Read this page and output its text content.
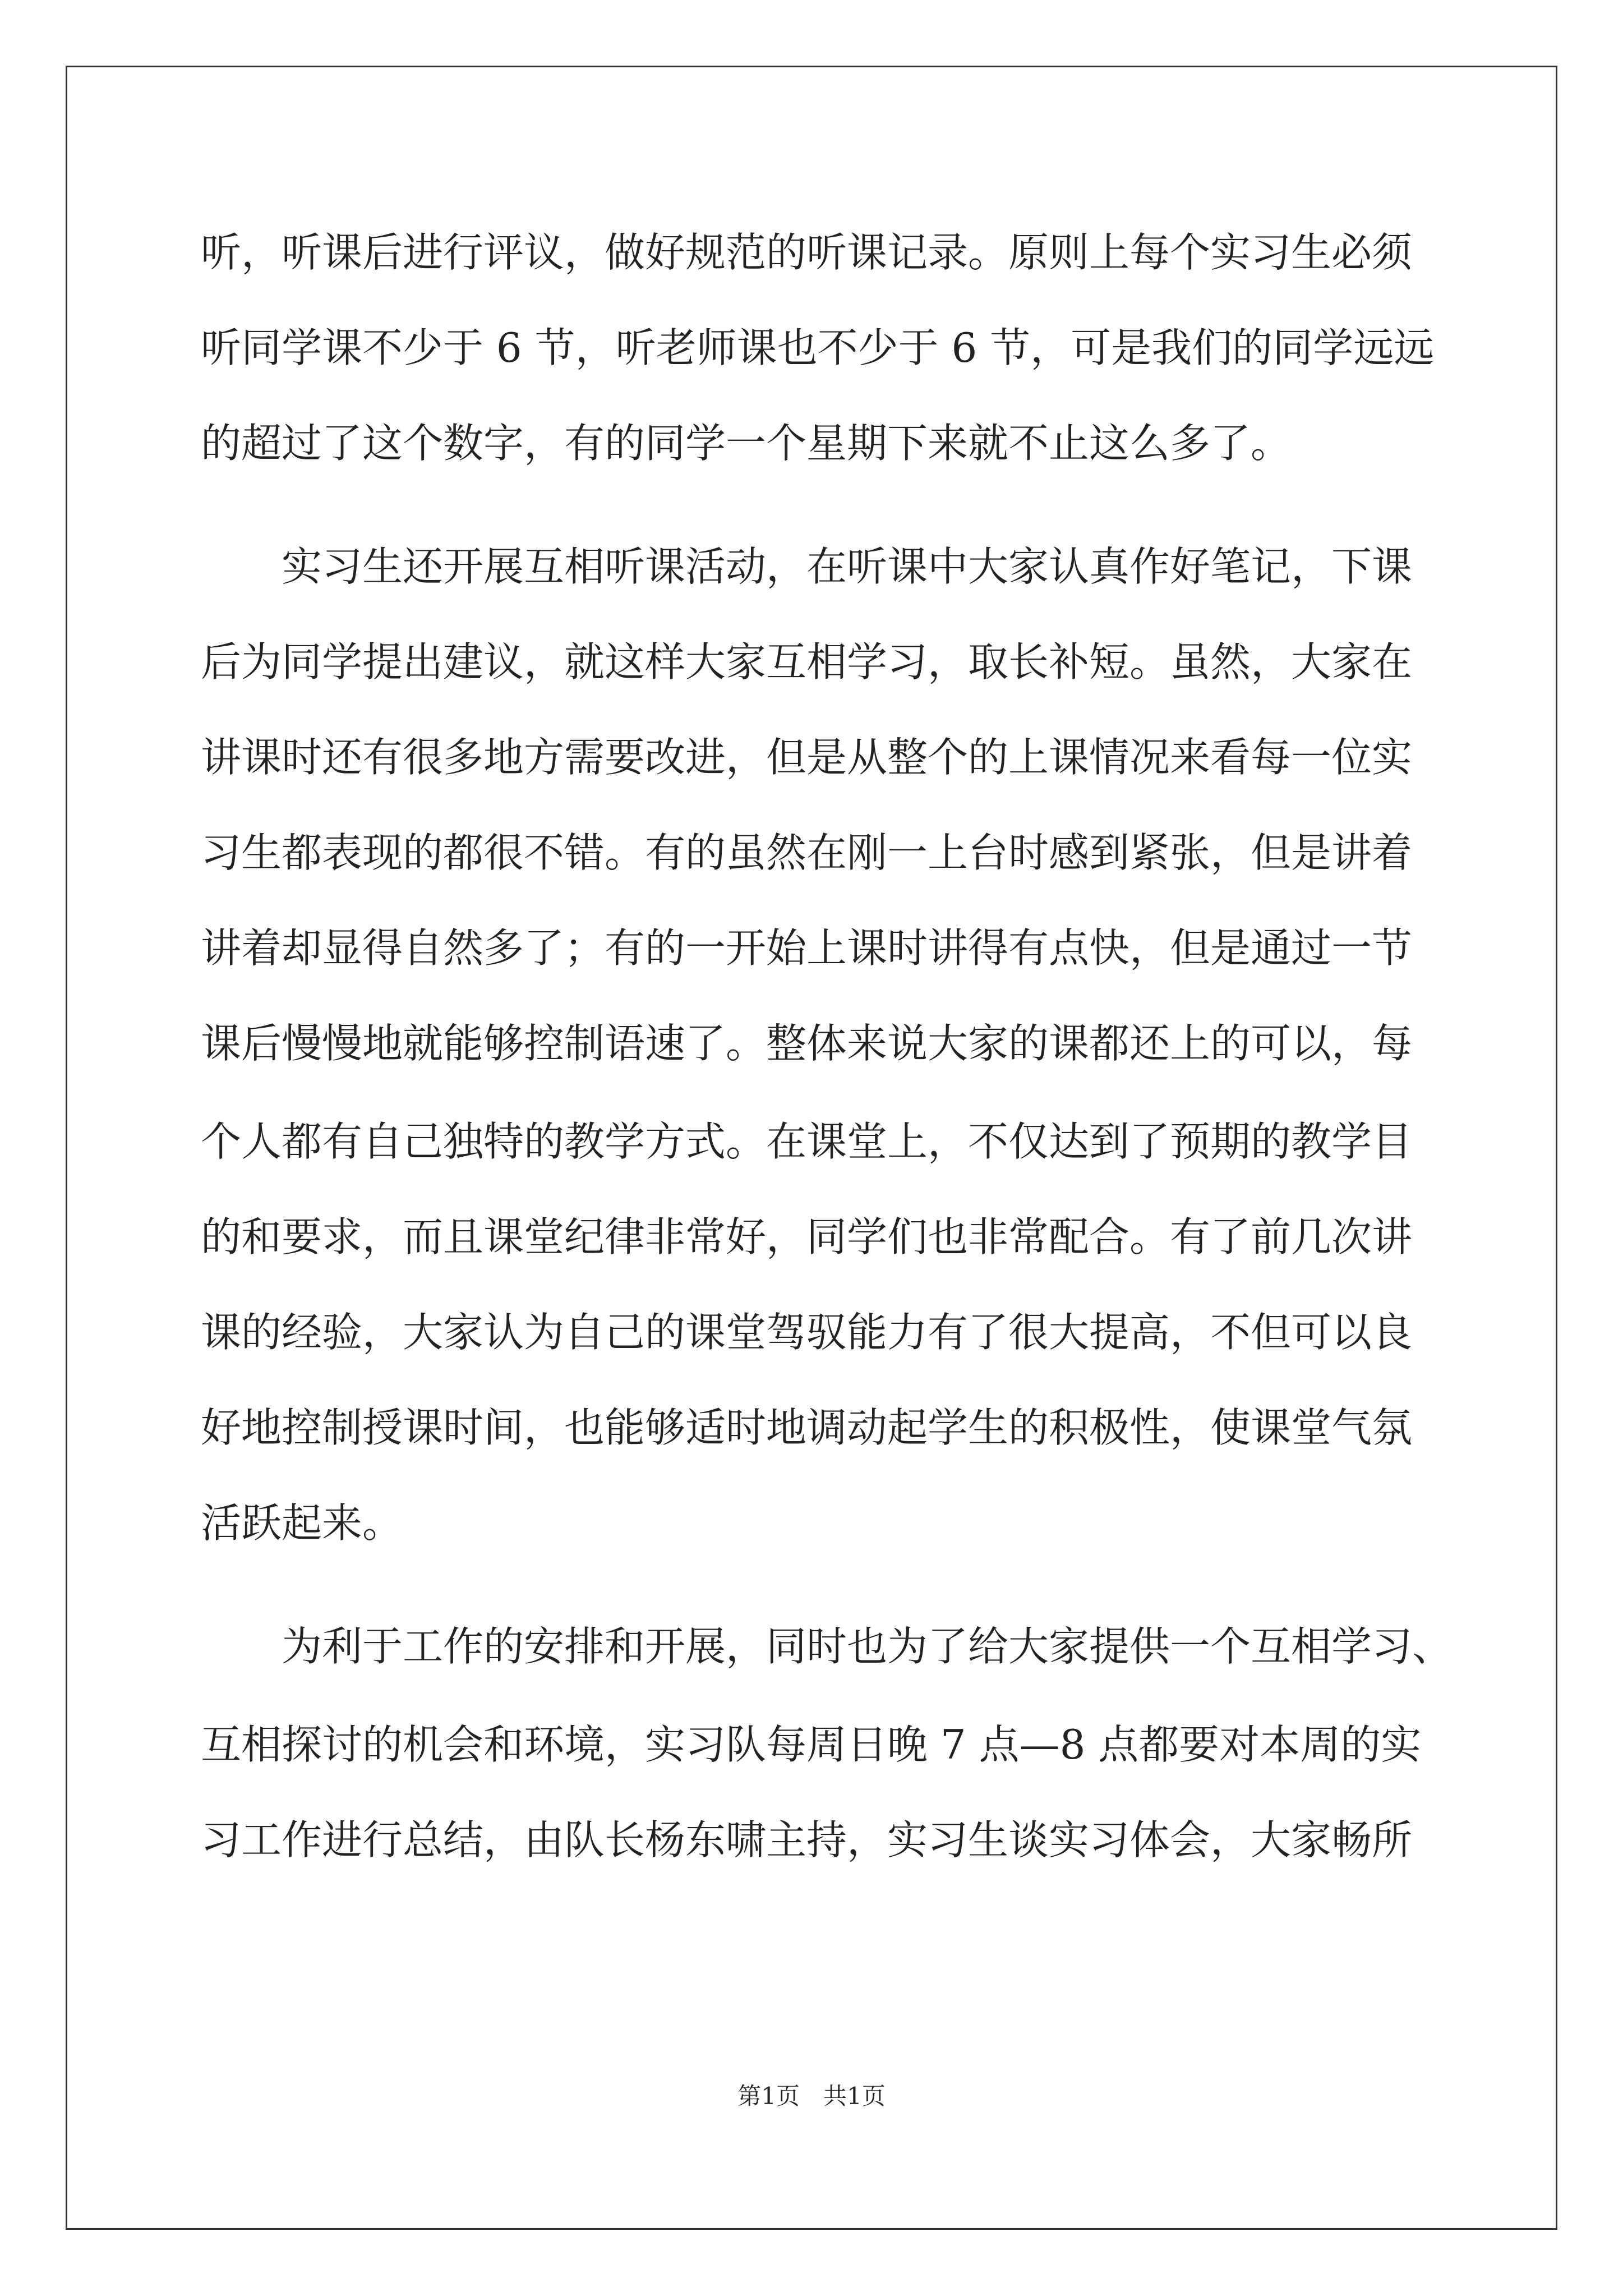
听，听课后进行评议，做好规范的听课记录。原则上每个实习生必须
听同学课不少于 6 节，听老师课也不少于 6 节，可是我们的同学远远
的超过了这个数字，有的同学一个星期下来就不止这么多了。
实习生还开展互相听课活动，在听课中大家认真作好笔记，下课
后为同学提出建议，就这样大家互相学习，取长补短。虽然，大家在
讲课时还有很多地方需要改进，但是从整个的上课情况来看每一位实
习生都表现的都很不错。有的虽然在刚一上台时感到紧张，但是讲着
讲着却显得自然多了；有的一开始上课时讲得有点快，但是通过一节
课后慢慢地就能够控制语速了。整体来说大家的课都还上的可以，每
个人都有自己独特的教学方式。在课堂上，不仅达到了预期的教学目
的和要求，而且课堂纪律非常好，同学们也非常配合。有了前几次讲
课的经验，大家认为自己的课堂驾驭能力有了很大提高，不但可以良
好地控制授课时间，也能够适时地调动起学生的积极性，使课堂气氛
活跃起来。
为利于工作的安排和开展，同时也为了给大家提供一个互相学习、
互相探讨的机会和环境，实习队每周日晚 7 点—8 点都要对本周的实
习工作进行总结，由队长杨东啸主持，实习生谈实习体会，大家畅所
第1页 共1页
